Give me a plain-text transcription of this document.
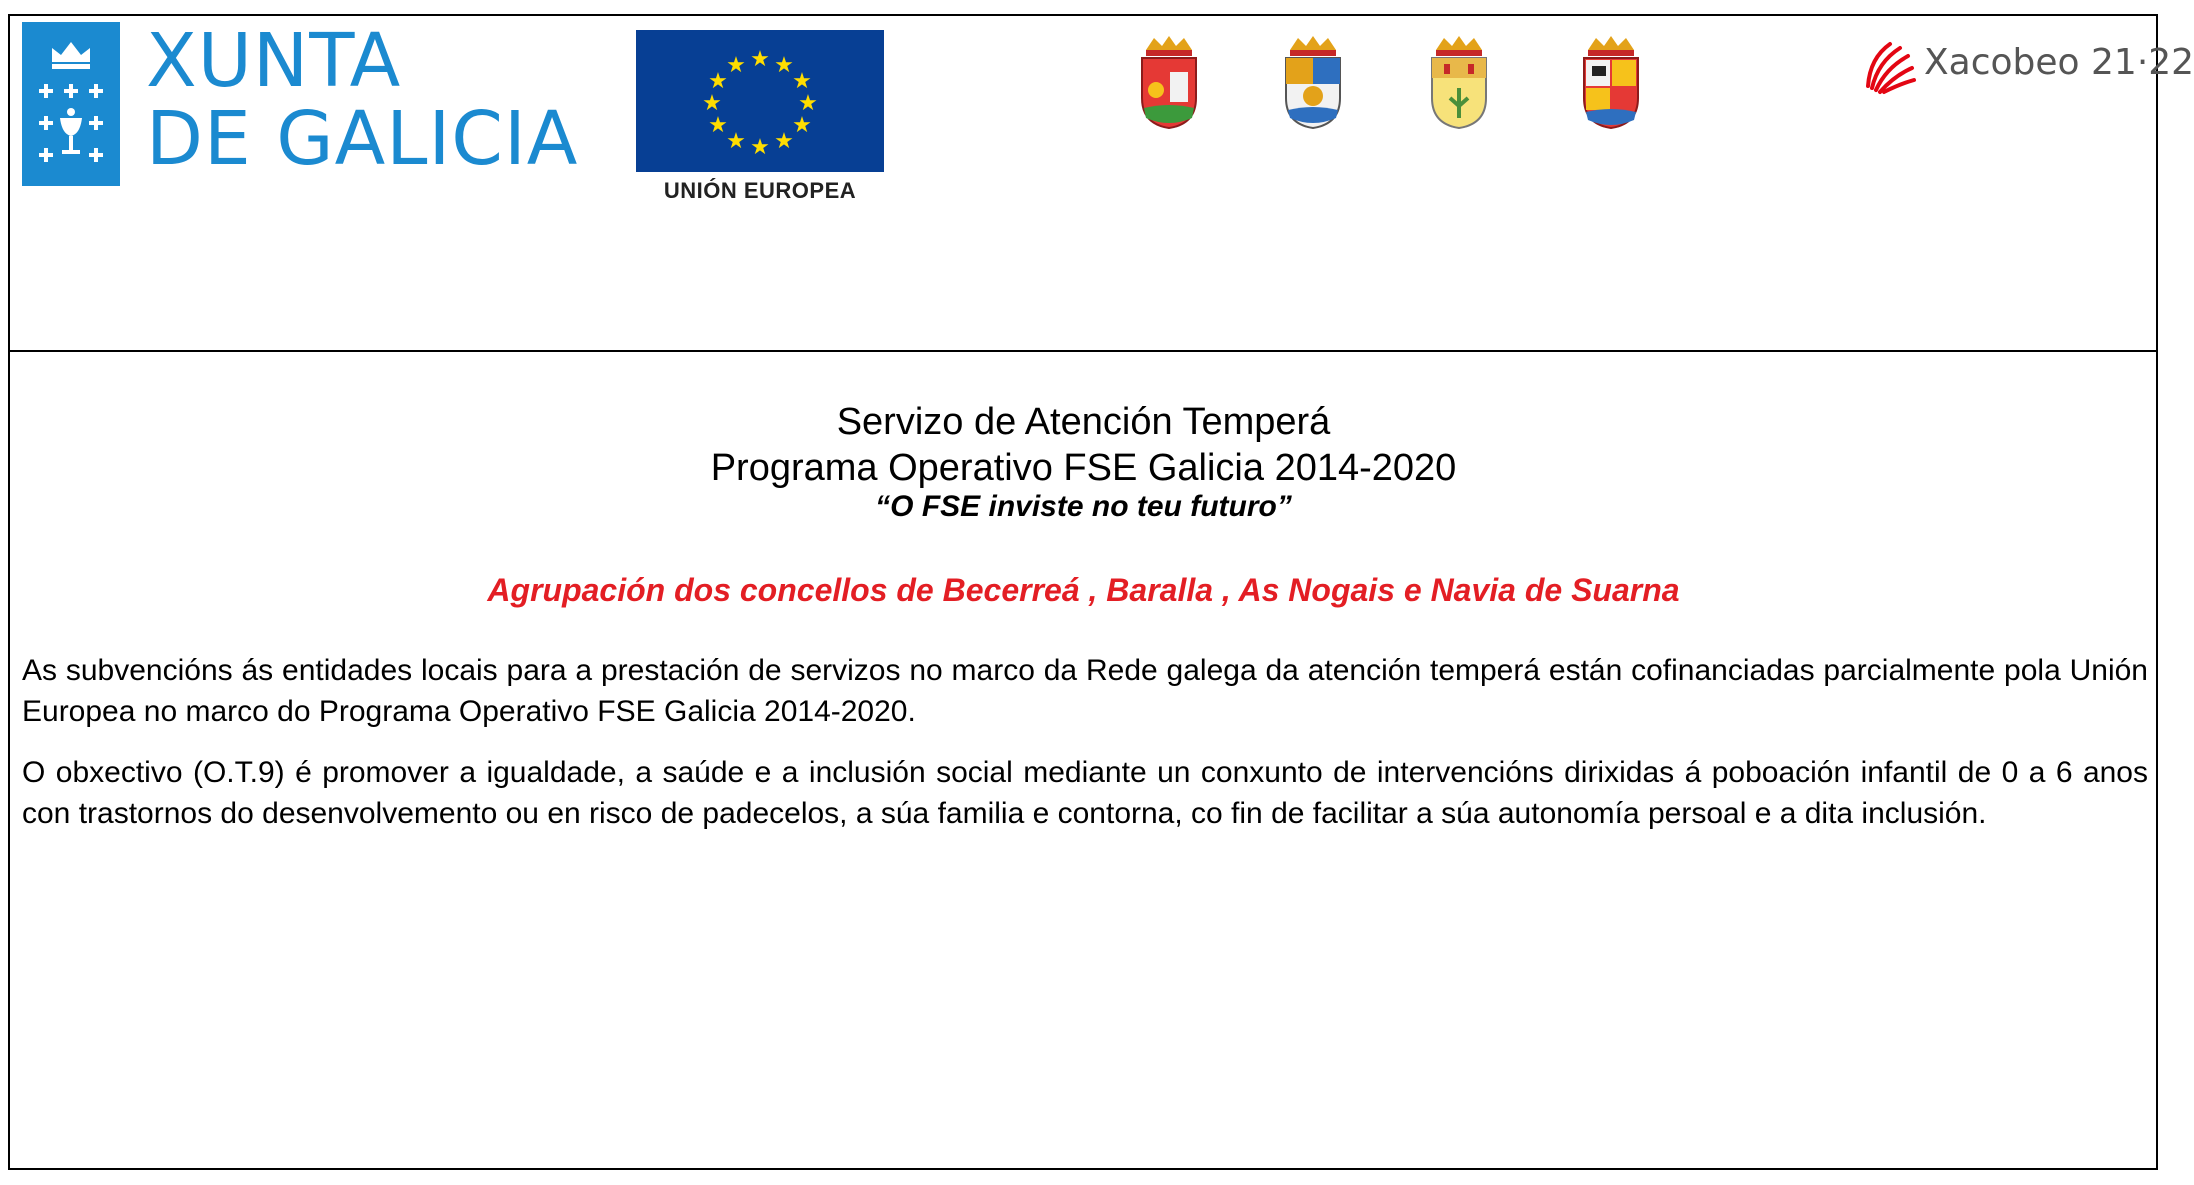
XUNTA
DE GALICIA
★ ★
★
★
★
★
★
★
★
★
★
★
UNIÓN EUROPEA
Xacobeo 21·22
Servizo de Atención Temperá
Programa Operativo FSE Galicia 2014-2020
“O FSE inviste no teu futuro”
Agrupación dos concellos de Becerreá , Baralla , As Nogais e Navia de Suarna
As subvencións ás entidades locais para a prestación de servizos no marco da Rede galega da atención temperá están cofinanciadas parcialmente pola Unión Europea no marco do Programa Operativo FSE Galicia 2014-2020.
O obxectivo (O.T.9) é promover a igualdade, a saúde e a inclusión social mediante un conxunto de intervencións dirixidas á poboación infantil de 0 a 6 anos con trastornos do desenvolvemento ou en risco de padecelos, a súa familia e contorna, co fin de facilitar a súa autonomía persoal e a dita inclusión.
